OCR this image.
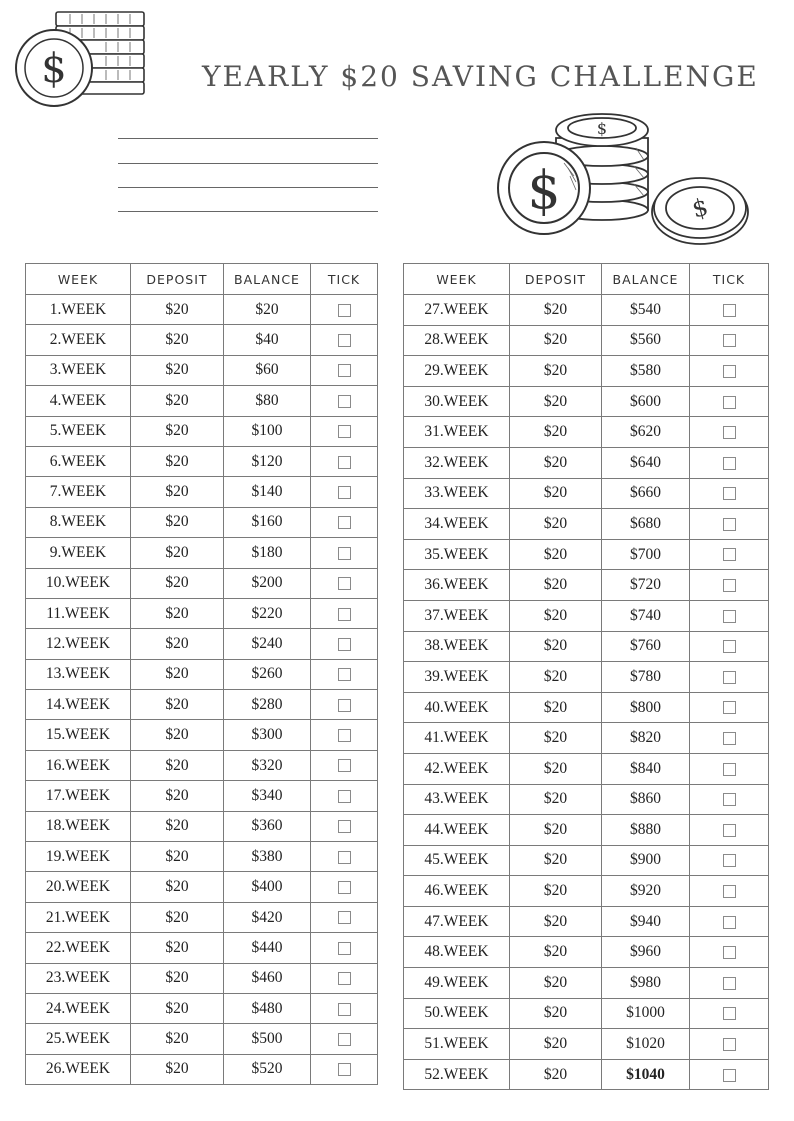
$
$
$
$
YEARLY $20 SAVING CHALLENGE
WEEK	DEPOSIT	BALANCE	TICK
1.WEEK	$20	$20	
2.WEEK	$20	$40	
3.WEEK	$20	$60	
4.WEEK	$20	$80	
5.WEEK	$20	$100	
6.WEEK	$20	$120	
7.WEEK	$20	$140	
8.WEEK	$20	$160	
9.WEEK	$20	$180	
10.WEEK	$20	$200	
11.WEEK	$20	$220	
12.WEEK	$20	$240	
13.WEEK	$20	$260	
14.WEEK	$20	$280	
15.WEEK	$20	$300	
16.WEEK	$20	$320	
17.WEEK	$20	$340	
18.WEEK	$20	$360	
19.WEEK	$20	$380	
20.WEEK	$20	$400	
21.WEEK	$20	$420	
22.WEEK	$20	$440	
23.WEEK	$20	$460	
24.WEEK	$20	$480	
25.WEEK	$20	$500	
26.WEEK	$20	$520	
WEEK	DEPOSIT	BALANCE	TICK
27.WEEK	$20	$540	
28.WEEK	$20	$560	
29.WEEK	$20	$580	
30.WEEK	$20	$600	
31.WEEK	$20	$620	
32.WEEK	$20	$640	
33.WEEK	$20	$660	
34.WEEK	$20	$680	
35.WEEK	$20	$700	
36.WEEK	$20	$720	
37.WEEK	$20	$740	
38.WEEK	$20	$760	
39.WEEK	$20	$780	
40.WEEK	$20	$800	
41.WEEK	$20	$820	
42.WEEK	$20	$840	
43.WEEK	$20	$860	
44.WEEK	$20	$880	
45.WEEK	$20	$900	
46.WEEK	$20	$920	
47.WEEK	$20	$940	
48.WEEK	$20	$960	
49.WEEK	$20	$980	
50.WEEK	$20	$1000	
51.WEEK	$20	$1020	
52.WEEK	$20	$1040	
